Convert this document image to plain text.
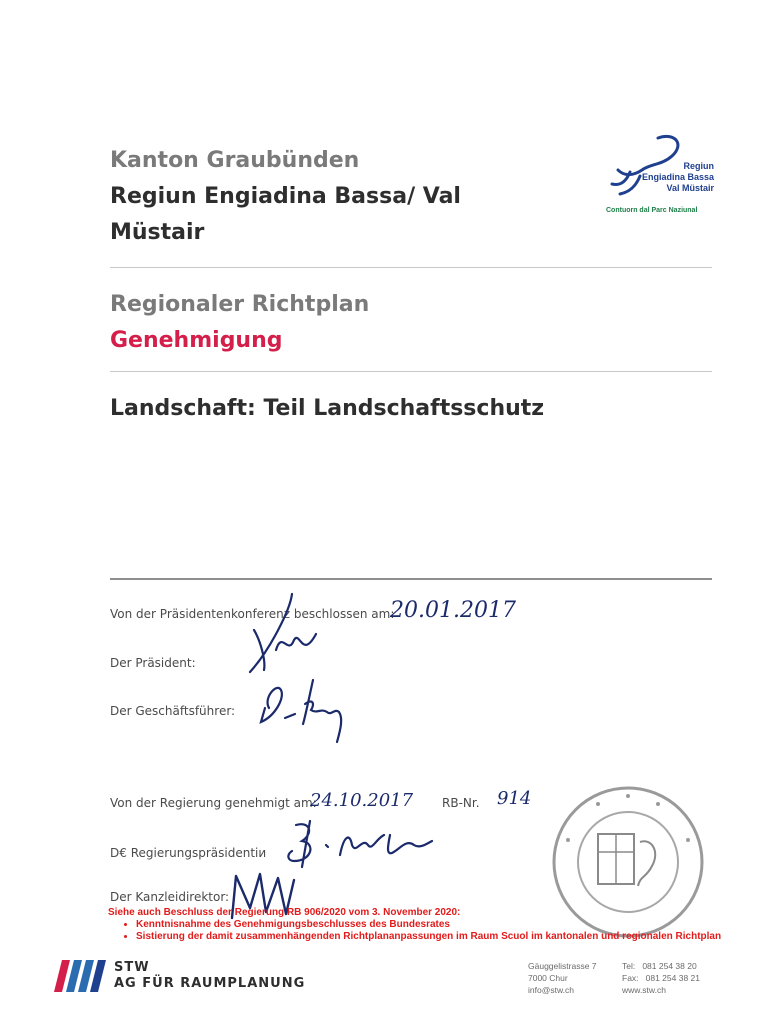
Kanton Graubünden
Regiun Engiadina Bassa/ Val
Müstair
Regiun
Engiadina Bassa
Val Müstair
Contuorn dal Parc Naziunal
Regionaler Richtplan
Genehmigung
Landschaft: Teil Landschaftsschutz
Von der Präsidentenkonferenz beschlossen am:
20.01.2017
Der Präsident:
Der Geschäftsführer:
Von der Regierung genehmigt am:
24.10.2017 RB-Nr. 914
D€ Regierungspräsidentiи
Der Kanzleidirektor:
Siehe auch Beschluss der Regierung RB 906/2020 vom 3. November 2020:
• Kenntnisnahme des Genehmigungsbeschlusses des Bundesrates
• Sistierung der damit zusammenhängenden Richtplananpassungen im Raum Scuol im kantonalen und regionalen Richtplan
STW
AG FÜR RAUMPLANUNG
Gäuggelistrasse 7
7000 Chur
info@stw.ch
Tel: 081 254 38 20
Fax: 081 254 38 21
www.stw.ch
